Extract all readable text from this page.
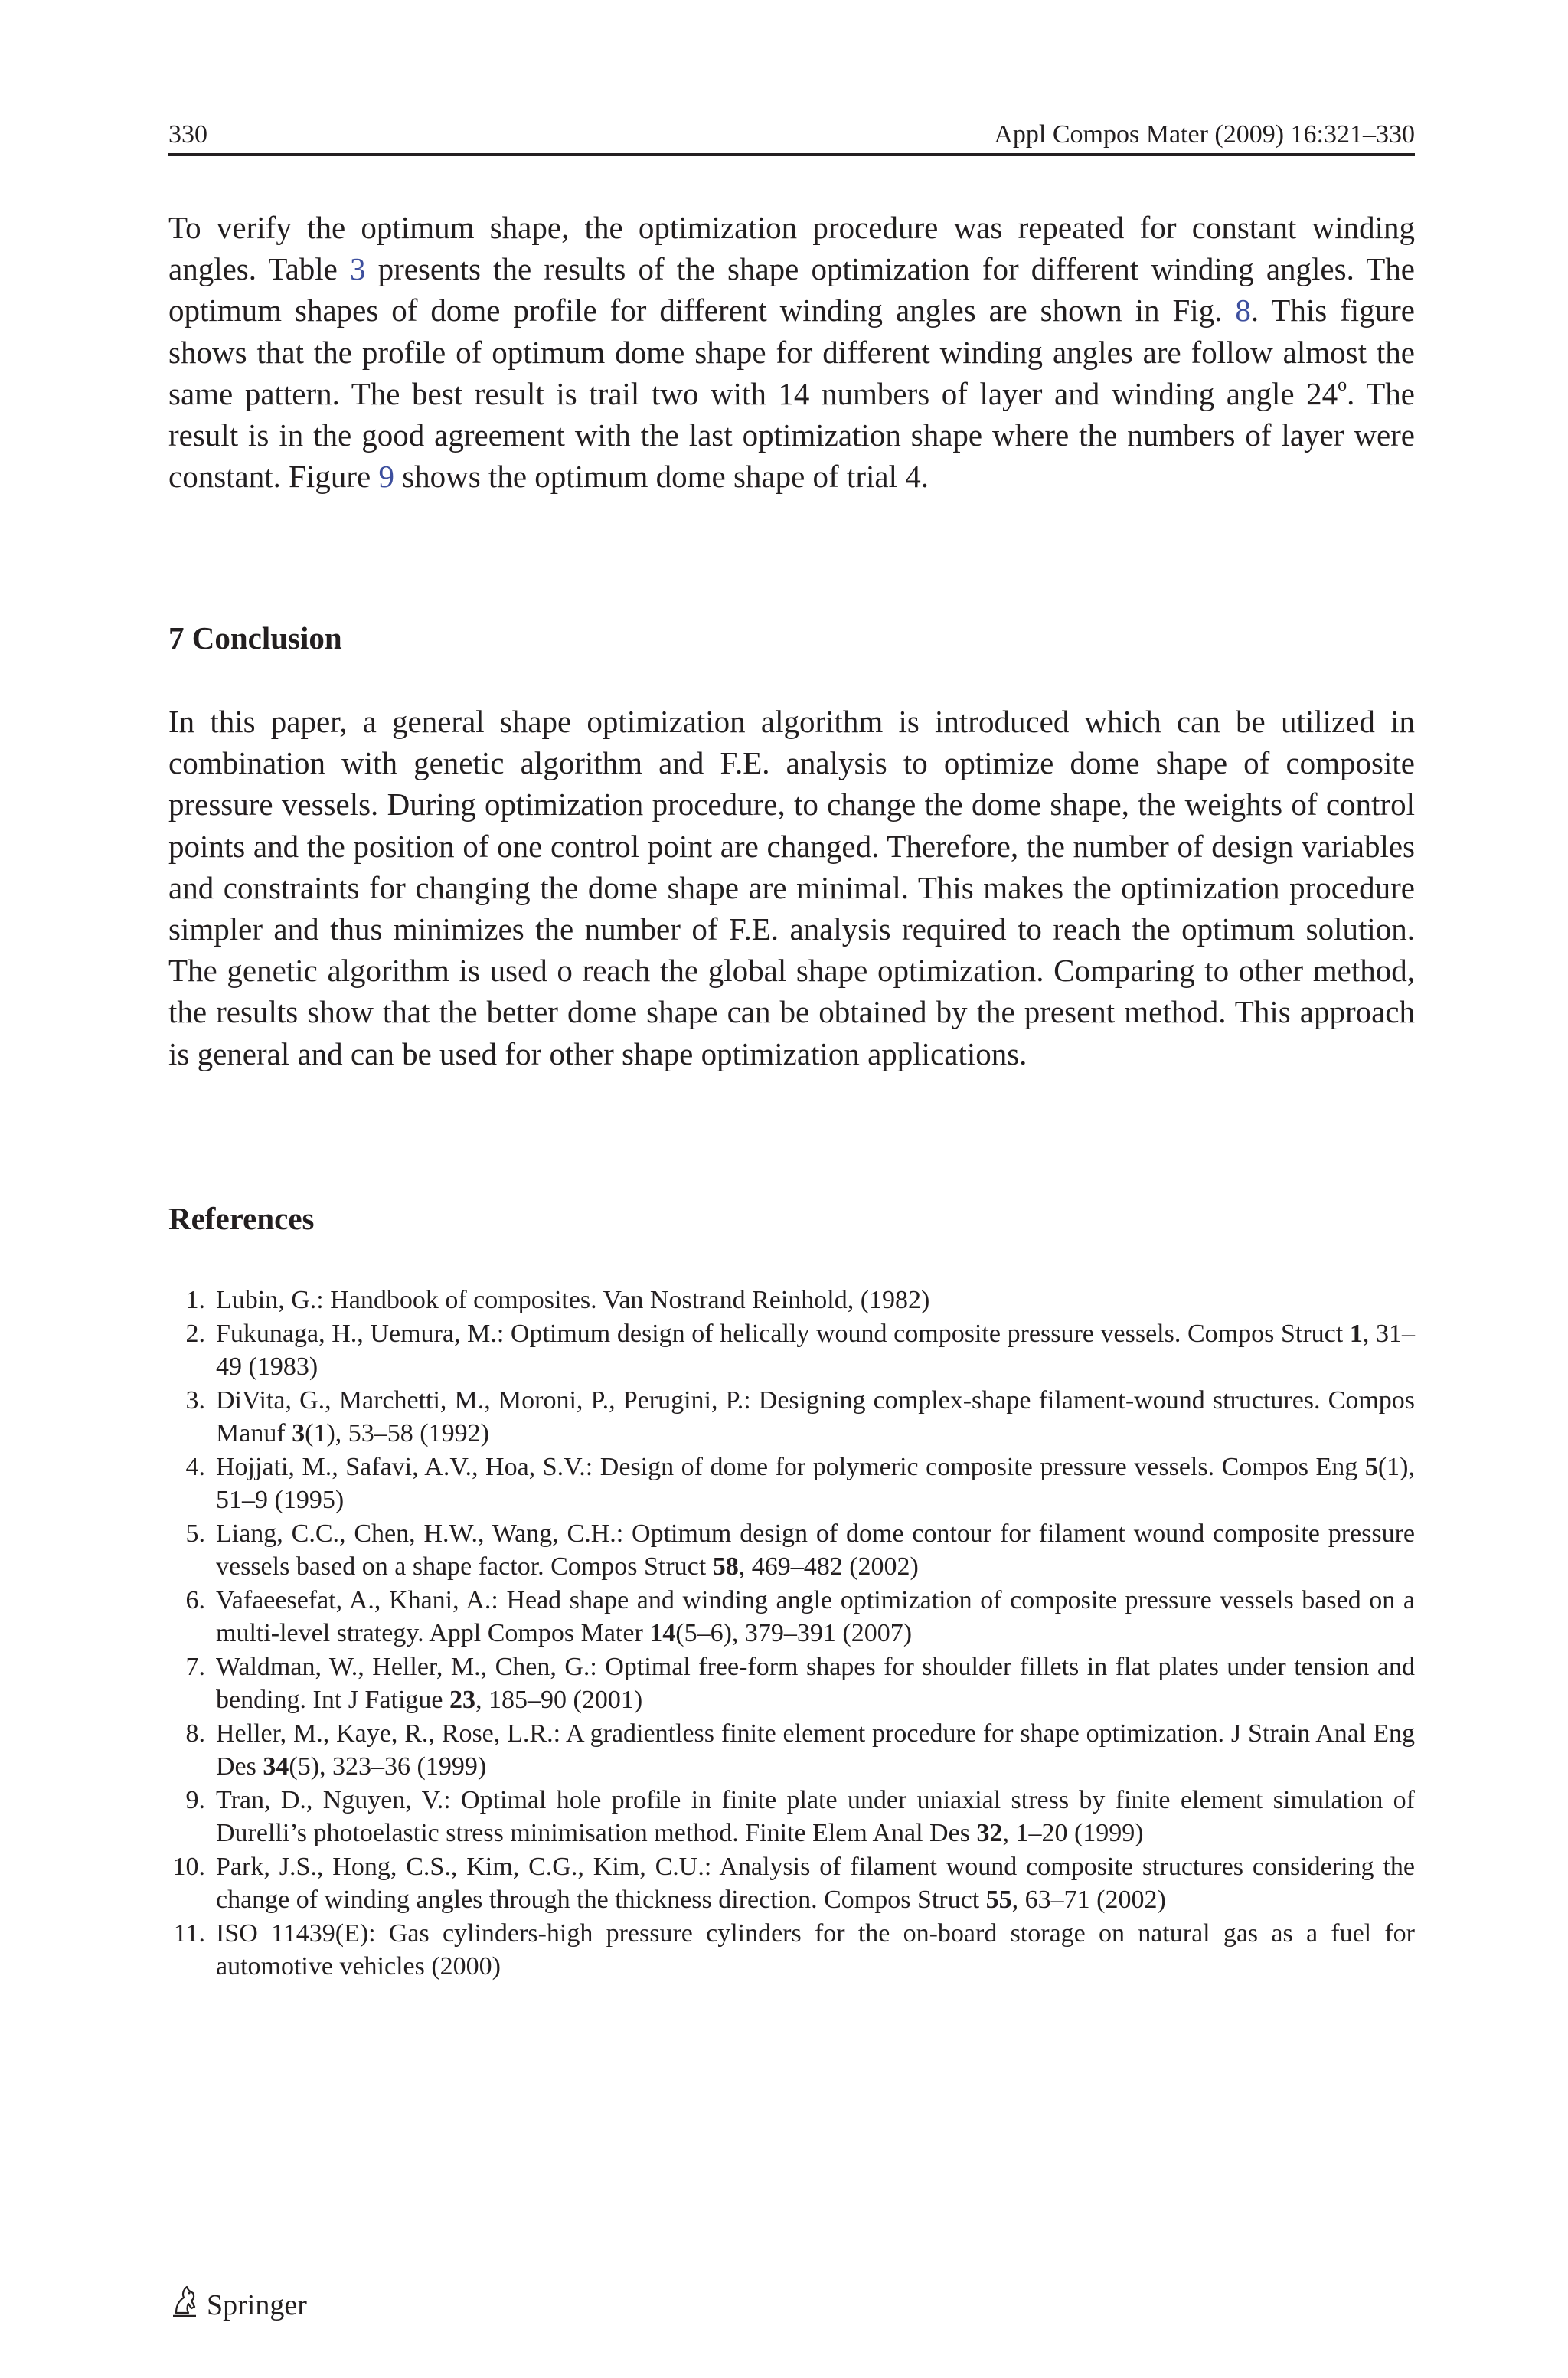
330	Appl Compos Mater (2009) 16:321–330

To verify the optimum shape, the optimization procedure was repeated for constant winding angles. Table 3 presents the results of the shape optimization for different winding angles. The optimum shapes of dome profile for different winding angles are shown in Fig. 8. This figure shows that the profile of optimum dome shape for different winding angles are follow almost the same pattern. The best result is trail two with 14 numbers of layer and winding angle 24$^o$. The result is in the good agreement with the last optimization shape where the numbers of layer were constant. Figure 9 shows the optimum dome shape of trial 4.

7 Conclusion

In this paper, a general shape optimization algorithm is introduced which can be utilized in combination with genetic algorithm and F.E. analysis to optimize dome shape of composite pressure vessels. During optimization procedure, to change the dome shape, the weights of control points and the position of one control point are changed. Therefore, the number of design variables and constraints for changing the dome shape are minimal. This makes the optimization procedure simpler and thus minimizes the number of F.E. analysis required to reach the optimum solution. The genetic algorithm is used o reach the global shape optimization. Comparing to other method, the results show that the better dome shape can be obtained by the present method. This approach is general and can be used for other shape optimization applications.

References
1. Lubin, G.: Handbook of composites. Van Nostrand Reinhold, (1982)
2. Fukunaga, H., Uemura, M.: Optimum design of helically wound composite pressure vessels. Compos Struct 1, 31–49 (1983)
3. DiVita, G., Marchetti, M., Moroni, P., Perugini, P.: Designing complex-shape filament-wound structures. Compos Manuf 3(1), 53–58 (1992)
4. Hojjati, M., Safavi, A.V., Hoa, S.V.: Design of dome for polymeric composite pressure vessels. Compos Eng 5(1), 51–9 (1995)
5. Liang, C.C., Chen, H.W., Wang, C.H.: Optimum design of dome contour for filament wound composite pressure vessels based on a shape factor. Compos Struct 58, 469–482 (2002)
6. Vafaeesefat, A., Khani, A.: Head shape and winding angle optimization of composite pressure vessels based on a multi-level strategy. Appl Compos Mater 14(5–6), 379–391 (2007)
7. Waldman, W., Heller, M., Chen, G.: Optimal free-form shapes for shoulder fillets in flat plates under tension and bending. Int J Fatigue 23, 185–90 (2001)
8. Heller, M., Kaye, R., Rose, L.R.: A gradientless finite element procedure for shape optimization. J Strain Anal Eng Des 34(5), 323–36 (1999)
9. Tran, D., Nguyen, V.: Optimal hole profile in finite plate under uniaxial stress by finite element simulation of Durelli’s photoelastic stress minimisation method. Finite Elem Anal Des 32, 1–20 (1999)
10. Park, J.S., Hong, C.S., Kim, C.G., Kim, C.U.: Analysis of filament wound composite structures considering the change of winding angles through the thickness direction. Compos Struct 55, 63–71 (2002)
11. ISO 11439(E): Gas cylinders-high pressure cylinders for the on-board storage on natural gas as a fuel for automotive vehicles (2000)
Springer
